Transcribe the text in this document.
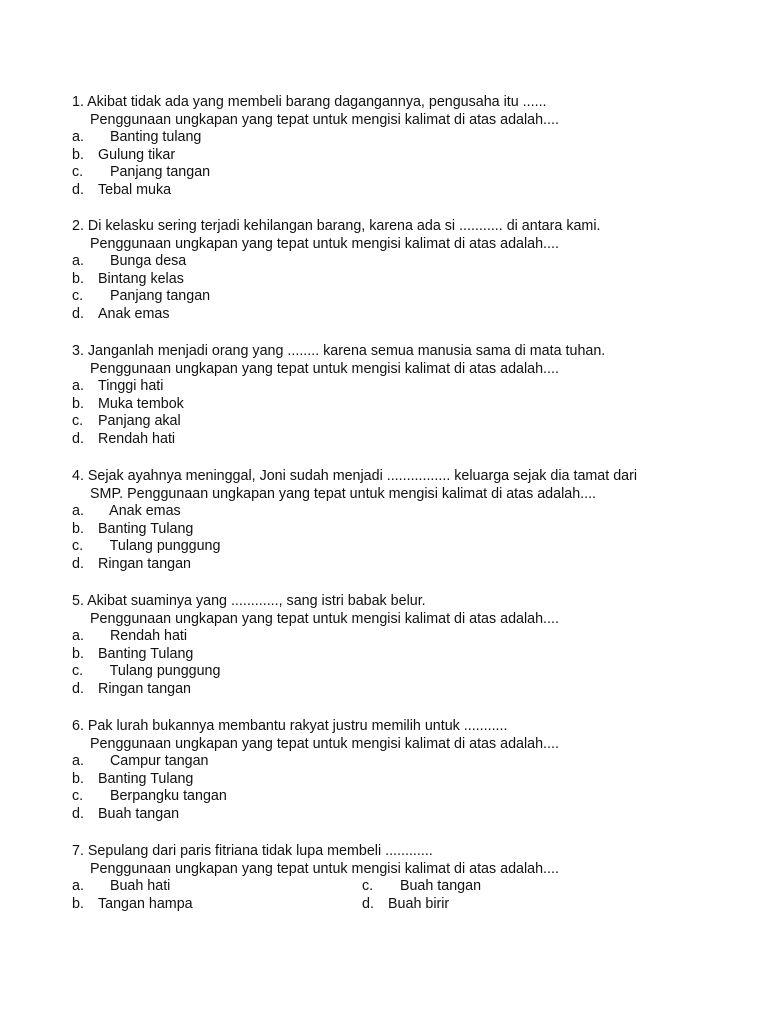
1. Akibat tidak ada yang membeli barang dagangannya, pengusaha itu ......
Penggunaan ungkapan yang tepat untuk mengisi kalimat di atas adalah....
a.	Banting tulang
b. Gulung tikar
c.	Panjang tangan
d. Tebal muka
2. Di kelasku sering terjadi kehilangan barang, karena ada si ........... di antara kami.
Penggunaan ungkapan yang tepat untuk mengisi kalimat di atas adalah....
a.	Bunga desa
b. Bintang kelas
c.	Panjang tangan
d. Anak emas
3. Janganlah menjadi orang yang ........ karena semua manusia sama di mata tuhan.
Penggunaan ungkapan yang tepat untuk mengisi kalimat di atas adalah....
a. Tinggi hati
b. Muka tembok
c.	Panjang akal
d. Rendah hati
4. Sejak ayahnya meninggal, Joni sudah menjadi ................ keluarga sejak dia tamat dari
SMP. Penggunaan ungkapan yang tepat untuk mengisi kalimat di atas adalah....
a.	Anak emas
b. Banting Tulang
c.	Tulang punggung
d. Ringan tangan
5. Akibat suaminya yang ............, sang istri babak belur.
Penggunaan ungkapan yang tepat untuk mengisi kalimat di atas adalah....
a.	Rendah hati
b. Banting Tulang
c.	Tulang punggung
d. Ringan tangan
6. Pak lurah bukannya membantu rakyat justru memilih untuk ...........
Penggunaan ungkapan yang tepat untuk mengisi kalimat di atas adalah....
a.	Campur tangan
b. Banting Tulang
c.	Berpangku tangan
d. Buah tangan
7. Sepulang dari paris fitriana tidak lupa membeli ............
Penggunaan ungkapan yang tepat untuk mengisi kalimat di atas adalah....
a.	Buah hati	c.	Buah tangan
b. Tangan hampa	d. Buah birir
